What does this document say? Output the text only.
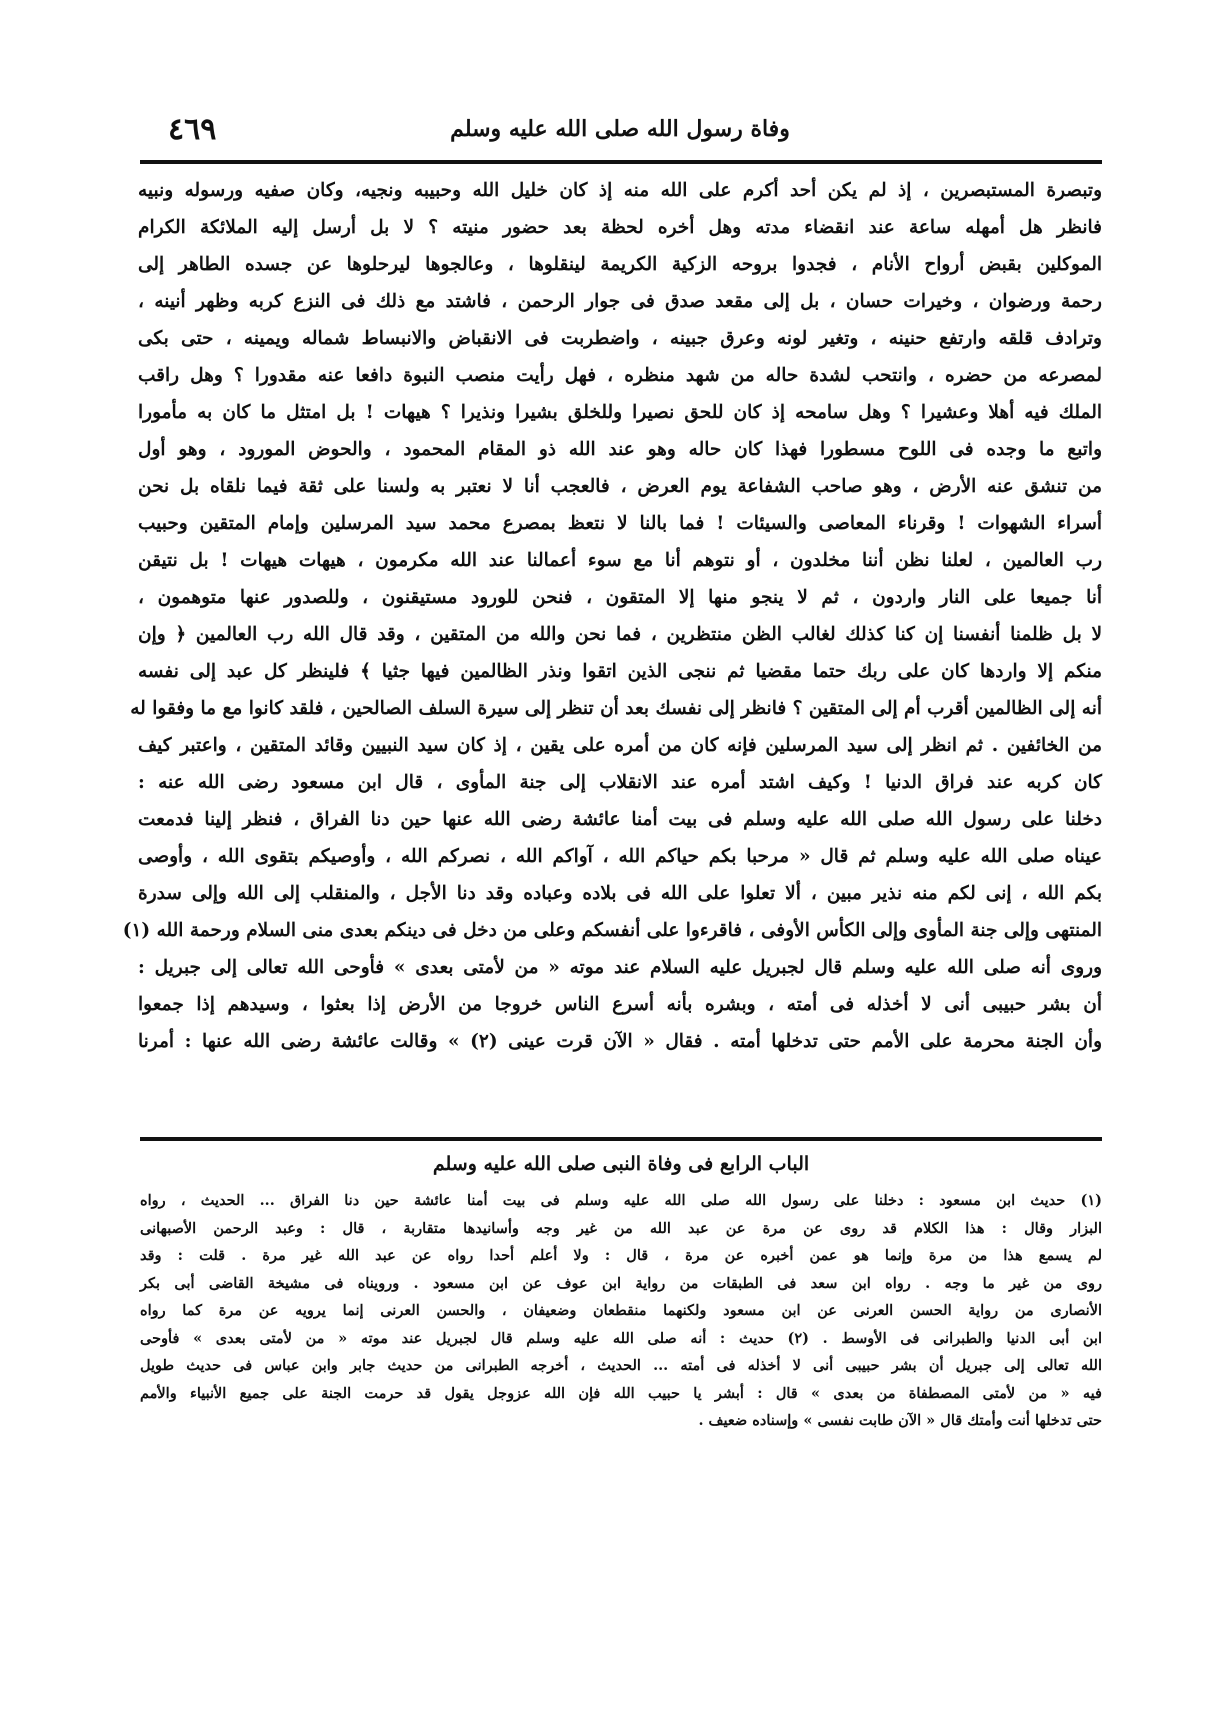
وفاة رسول الله صلى الله عليه وسلم
٤٦٩
وتبصرة المستبصرين ، إذ لم يكن أحد أكرم على الله منه إذ كان خليل الله وحبيبه ونجيه، وكان صفيه ورسوله ونبيه
فانظر هل أمهله ساعة عند انقضاء مدته وهل أخره لحظة بعد حضور منيته ؟ لا بل أرسل إليه الملائكة الكرام
الموكلين بقبض أرواح الأنام ، فجدوا بروحه الزكية الكريمة لينقلوها ، وعالجوها ليرحلوها عن جسده الطاهر إلى
رحمة ورضوان ، وخيرات حسان ، بل إلى مقعد صدق فى جوار الرحمن ، فاشتد مع ذلك فى النزع كربه وظهر أنينه ،
وترادف قلقه وارتفع حنينه ، وتغير لونه وعرق جبينه ، واضطربت فى الانقباض والانبساط شماله ويمينه ، حتى بكى
لمصرعه من حضره ، وانتحب لشدة حاله من شهد منظره ، فهل رأيت منصب النبوة دافعا عنه مقدورا ؟ وهل راقب
الملك فيه أهلا وعشيرا ؟ وهل سامحه إذ كان للحق نصيرا وللخلق بشيرا ونذيرا ؟ هيهات ! بل امتثل ما كان به مأمورا
واتبع ما وجده فى اللوح مسطورا فهذا كان حاله وهو عند الله ذو المقام المحمود ، والحوض المورود ، وهو أول
من تنشق عنه الأرض ، وهو صاحب الشفاعة يوم العرض ، فالعجب أنا لا نعتبر به ولسنا على ثقة فيما نلقاه بل نحن
أسراء الشهوات ! وقرناء المعاصى والسيئات ! فما بالنا لا نتعظ بمصرع محمد سيد المرسلين وإمام المتقين وحبيب
رب العالمين ، لعلنا نظن أننا مخلدون ، أو نتوهم أنا مع سوء أعمالنا عند الله مكرمون ، هيهات هيهات ! بل نتيقن
أنا جميعا على النار واردون ، ثم لا ينجو منها إلا المتقون ، فنحن للورود مستيقنون ، وللصدور عنها متوهمون ،
لا بل ظلمنا أنفسنا إن كنا كذلك لغالب الظن منتظرين ، فما نحن والله من المتقين ، وقد قال الله رب العالمين ﴿ وإن
منكم إلا واردها كان على ربك حتما مقضيا ثم ننجى الذين اتقوا ونذر الظالمين فيها جثيا ﴾ فلينظر كل عبد إلى نفسه
أنه إلى الظالمين أقرب أم إلى المتقين ؟ فانظر إلى نفسك بعد أن تنظر إلى سيرة السلف الصالحين ، فلقد كانوا مع ما وفقوا له
من الخائفين . ثم انظر إلى سيد المرسلين فإنه كان من أمره على يقين ، إذ كان سيد النبيين وقائد المتقين ، واعتبر كيف
كان كربه عند فراق الدنيا ! وكيف اشتد أمره عند الانقلاب إلى جنة المأوى ، قال ابن مسعود رضى الله عنه :
دخلنا على رسول الله صلى الله عليه وسلم فى بيت أمنا عائشة رضى الله عنها حين دنا الفراق ، فنظر إلينا فدمعت
عيناه صلى الله عليه وسلم ثم قال « مرحبا بكم حياكم الله ، آواكم الله ، نصركم الله ، وأوصيكم بتقوى الله ، وأوصى
بكم الله ، إنى لكم منه نذير مبين ، ألا تعلوا على الله فى بلاده وعباده وقد دنا الأجل ، والمنقلب إلى الله وإلى سدرة
المنتهى وإلى جنة المأوى وإلى الكأس الأوفى ، فاقرءوا على أنفسكم وعلى من دخل فى دينكم بعدى منى السلام ورحمة الله (١)
وروى أنه صلى الله عليه وسلم قال لجبريل عليه السلام عند موته « من لأمتى بعدى » فأوحى الله تعالى إلى جبريل :
أن بشر حبيبى أنى لا أخذله فى أمته ، وبشره بأنه أسرع الناس خروجا من الأرض إذا بعثوا ، وسيدهم إذا جمعوا
وأن الجنة محرمة على الأمم حتى تدخلها أمته . فقال « الآن قرت عينى (٢) » وقالت عائشة رضى الله عنها : أمرنا
الباب الرابع فى وفاة النبى صلى الله عليه وسلم
(١) حديث ابن مسعود : دخلنا على رسول الله صلى الله عليه وسلم فى بيت أمنا عائشة حين دنا الفراق ... الحديث ، رواه
البزار وقال : هذا الكلام قد روى عن مرة عن عبد الله من غير وجه وأسانيدها متقاربة ، قال : وعبد الرحمن الأصبهانى
لم يسمع هذا من مرة وإنما هو عمن أخبره عن مرة ، قال : ولا أعلم أحدا رواه عن عبد الله غير مرة . قلت : وقد
روى من غير ما وجه . رواه ابن سعد فى الطبقات من رواية ابن عوف عن ابن مسعود . ورويناه فى مشيخة القاضى أبى بكر
الأنصارى من رواية الحسن العرنى عن ابن مسعود ولكنهما منقطعان وضعيفان ، والحسن العرنى إنما يرويه عن مرة كما رواه
ابن أبى الدنيا والطبرانى فى الأوسط . (٢) حديث : أنه صلى الله عليه وسلم قال لجبريل عند موته « من لأمتى بعدى » فأوحى
الله تعالى إلى جبريل أن بشر حبيبى أنى لا أخذله فى أمته ... الحديث ، أخرجه الطبرانى من حديث جابر وابن عباس فى حديث طويل
فيه « من لأمتى المصطفاة من بعدى » قال : أبشر يا حبيب الله فإن الله عزوجل يقول قد حرمت الجنة على جميع الأنبياء والأمم
حتى تدخلها أنت وأمتك قال « الآن طابت نفسى » وإسناده ضعيف .
